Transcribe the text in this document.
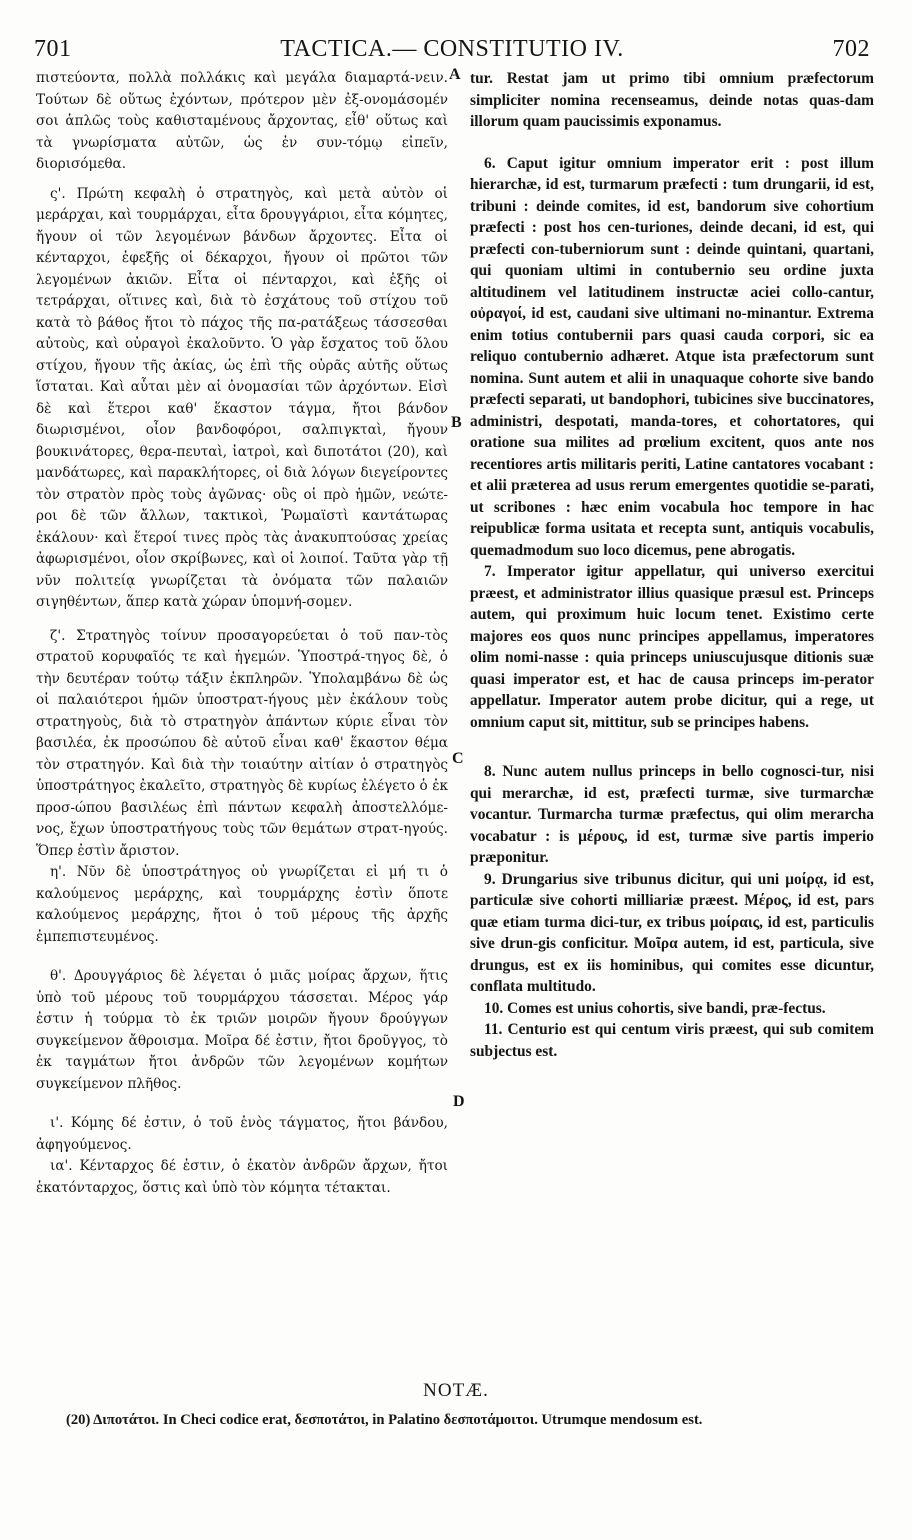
701	TACTICA.— CONSTITUTIO IV.	702

πιστεύοντα, πολλὰ πολλάκις καὶ μεγάλα διαμαρτά-νειν. Τούτων δὲ οὕτως ἐχόντων, πρότερον μὲν ἐξ-ονομάσομέν σοι ἁπλῶς τοὺς καθισταμένους ἄρχοντας, εἶθ' οὕτως καὶ τὰ γνωρίσματα αὐτῶν, ὡς ἐν συν-τόμῳ εἰπεῖν, διορισόμεθα.

ς'. Πρώτη κεφαλὴ ὁ στρατηγὸς, καὶ μετὰ αὐτὸν οἱ μεράρχαι, καὶ τουρμάρχαι, εἶτα δρουγγάριοι, εἶτα κόμητες, ἤγουν οἱ τῶν λεγομένων βάνδων ἄρχοντες. Εἶτα οἱ κένταρχοι, ἐφεξῆς οἱ δέκαρχοι, ἤγουν οἱ πρῶτοι τῶν λεγομένων ἀκιῶν. Εἶτα οἱ πένταρχοι, καὶ ἑξῆς οἱ τετράρχαι, οἵτινες καὶ, διὰ τὸ ἐσχάτους τοῦ στίχου τοῦ κατὰ τὸ βάθος ἤτοι τὸ πάχος τῆς πα-ρατάξεως τάσσεσθαι αὐτοὺς, καὶ οὐραγοὶ ἐκαλοῦντο. Ὁ γὰρ ἔσχατος τοῦ ὅλου στίχου, ἤγουν τῆς ἀκίας, ὡς ἐπὶ τῆς οὐρᾶς αὐτῆς οὕτως ἵσταται. Καὶ αὗται μὲν αἱ ὀνομασίαι τῶν ἀρχόντων. Εἰσὶ δὲ καὶ ἕτεροι καθ' ἕκαστον τάγμα, ἤτοι βάνδον διωρισμένοι, οἷον βανδοφόροι, σαλπιγκταὶ, ἤγουν βουκινάτορες, θερα-πευταὶ, ἰατροὶ, καὶ διποτάτοι (20), καὶ μανδάτωρες, καὶ παρακλήτορες, οἱ διὰ λόγων διεγείροντες τὸν στρατὸν πρὸς τοὺς ἀγῶνας· οὓς οἱ πρὸ ἡμῶν, νεώτε-ροι δὲ τῶν ἄλλων, τακτικοὶ, Ῥωμαϊστὶ καντάτωρας ἐκάλουν· καὶ ἕτεροί τινες πρὸς τὰς ἀνακυπτούσας χρείας ἀφωρισμένοι, οἷον σκρίβωνες, καὶ οἱ λοιποί. Ταῦτα γὰρ τῇ νῦν πολιτείᾳ γνωρίζεται τὰ ὀνόματα τῶν παλαιῶν σιγηθέντων, ἅπερ κατὰ χώραν ὑπομνή-σομεν.

ζ'. Στρατηγὸς τοίνυν προσαγορεύεται ὁ τοῦ παν-τὸς στρατοῦ κορυφαῖός τε καὶ ἡγεμών. Ὑποστρά-τηγος δὲ, ὁ τὴν δευτέραν τούτῳ τάξιν ἐκπληρῶν. Ὑπολαμβάνω δὲ ὡς οἱ παλαιότεροι ἡμῶν ὑποστρατ-ήγους μὲν ἐκάλουν τοὺς στρατηγοὺς, διὰ τὸ στρατηγὸν ἁπάντων κύριε εἶναι τὸν βασιλέα, ἐκ προσώπου δὲ αὐτοῦ εἶναι καθ' ἕκαστον θέμα τὸν στρατηγόν. Καὶ διὰ τὴν τοιαύτην αἰτίαν ὁ στρατηγὸς ὑποστράτηγος ἐκαλεῖτο, στρατηγὸς δὲ κυρίως ἐλέγετο ὁ ἐκ προσ-ώπου βασιλέως ἐπὶ πάντων κεφαλὴ ἀποστελλόμε-νος, ἔχων ὑποστρατήγους τοὺς τῶν θεμάτων στρατ-ηγούς. Ὅπερ ἐστὶν ἄριστον.

η'. Νῦν δὲ ὑποστράτηγος οὐ γνωρίζεται εἰ μή τι ὁ καλούμενος μεράρχης, καὶ τουρμάρχης ἐστὶν ὅποτε καλούμενος μεράρχης, ἤτοι ὁ τοῦ μέρους τῆς ἀρχῆς ἐμπεπιστευμένος.

θ'. Δρουγγάριος δὲ λέγεται ὁ μιᾶς μοίρας ἄρχων, ἥτις ὑπὸ τοῦ μέρους τοῦ τουρμάρχου τάσσεται. Μέρος γάρ ἐστιν ἡ τούρμα τὸ ἐκ τριῶν μοιρῶν ἤγουν δρούγγων συγκείμενον ἄθροισμα. Μοῖρα δέ ἐστιν, ἤτοι δροῦγγος, τὸ ἐκ ταγμάτων ἤτοι ἀνδρῶν τῶν λεγομένων κομήτων συγκείμενον πλῆθος.

ι'. Κόμης δέ ἐστιν, ὁ τοῦ ἑνὸς τάγματος, ἤτοι βάνδου, ἀφηγούμενος.

ια'. Κένταρχος δέ ἐστιν, ὁ ἑκατὸν ἀνδρῶν ἄρχων, ἤτοι ἑκατόνταρχος, ὅστις καὶ ὑπὸ τὸν κόμητα τέτακται.

A
B
C
D

tur. Restat jam ut primo tibi omnium præfectorum simpliciter nomina recenseamus, deinde notas quas-dam illorum quam paucissimis exponamus.

6. Caput igitur omnium imperator erit : post illum hierarchæ, id est, turmarum præfecti : tum drungarii, id est, tribuni : deinde comites, id est, bandorum sive cohortium præfecti : post hos cen-turiones, deinde decani, id est, qui præfecti con-tuberniorum sunt : deinde quintani, quartani, qui quoniam ultimi in contubernio seu ordine juxta altitudinem vel latitudinem instructæ aciei collo-cantur, οὐραγοί, id est, caudani sive ultimani no-minantur. Extrema enim totius contubernii pars quasi cauda corpori, sic ea reliquo contubernio adhæret. Atque ista præfectorum sunt nomina. Sunt autem et alii in unaquaque cohorte sive bando præfecti separati, ut bandophori, tubicines sive buccinatores, administri, despotati, manda-tores, et cohortatores, qui oratione sua milites ad prœlium excitent, quos ante nos recentiores artis militaris periti, Latine cantatores vocabant : et alii præterea ad usus rerum emergentes quotidie se-parati, ut scribones : hæc enim vocabula hoc tempore in hac reipublicæ forma usitata et recepta sunt, antiquis vocabulis, quemadmodum suo loco dicemus, pene abrogatis.

7. Imperator igitur appellatur, qui universo exercitui præest, et administrator illius quasique præsul est. Princeps autem, qui proximum huic locum tenet. Existimo certe majores eos quos nunc principes appellamus, imperatores olim nomi-nasse : quia princeps uniuscujusque ditionis suæ quasi imperator est, et hac de causa princeps im-perator appellatur. Imperator autem probe dicitur, qui a rege, ut omnium caput sit, mittitur, sub se principes habens.

8. Nunc autem nullus princeps in bello cognosci-tur, nisi qui merarchæ, id est, præfecti turmæ, sive turmarchæ vocantur. Turmarcha turmæ præfectus, qui olim merarcha vocabatur : is μέρους, id est, turmæ sive partis imperio præponitur.

9. Drungarius sive tribunus dicitur, qui uni μοίρᾳ, id est, particulæ sive cohorti milliariæ præest. Μέρος, id est, pars quæ etiam turma dici-tur, ex tribus μοίραις, id est, particulis sive drun-gis conficitur. Μοῖρα autem, id est, particula, sive drungus, est ex iis hominibus, qui comites esse dicuntur, conflata multitudo.

10. Comes est unius cohortis, sive bandi, præ-fectus.

11. Centurio est qui centum viris præest, qui sub comitem subjectus est.

NOTÆ.
(20) Διποτάτοι. In Checi codice erat, δεσποτάτοι, in Palatino δεσποτάμοιτοι. Utrumque mendosum est.
